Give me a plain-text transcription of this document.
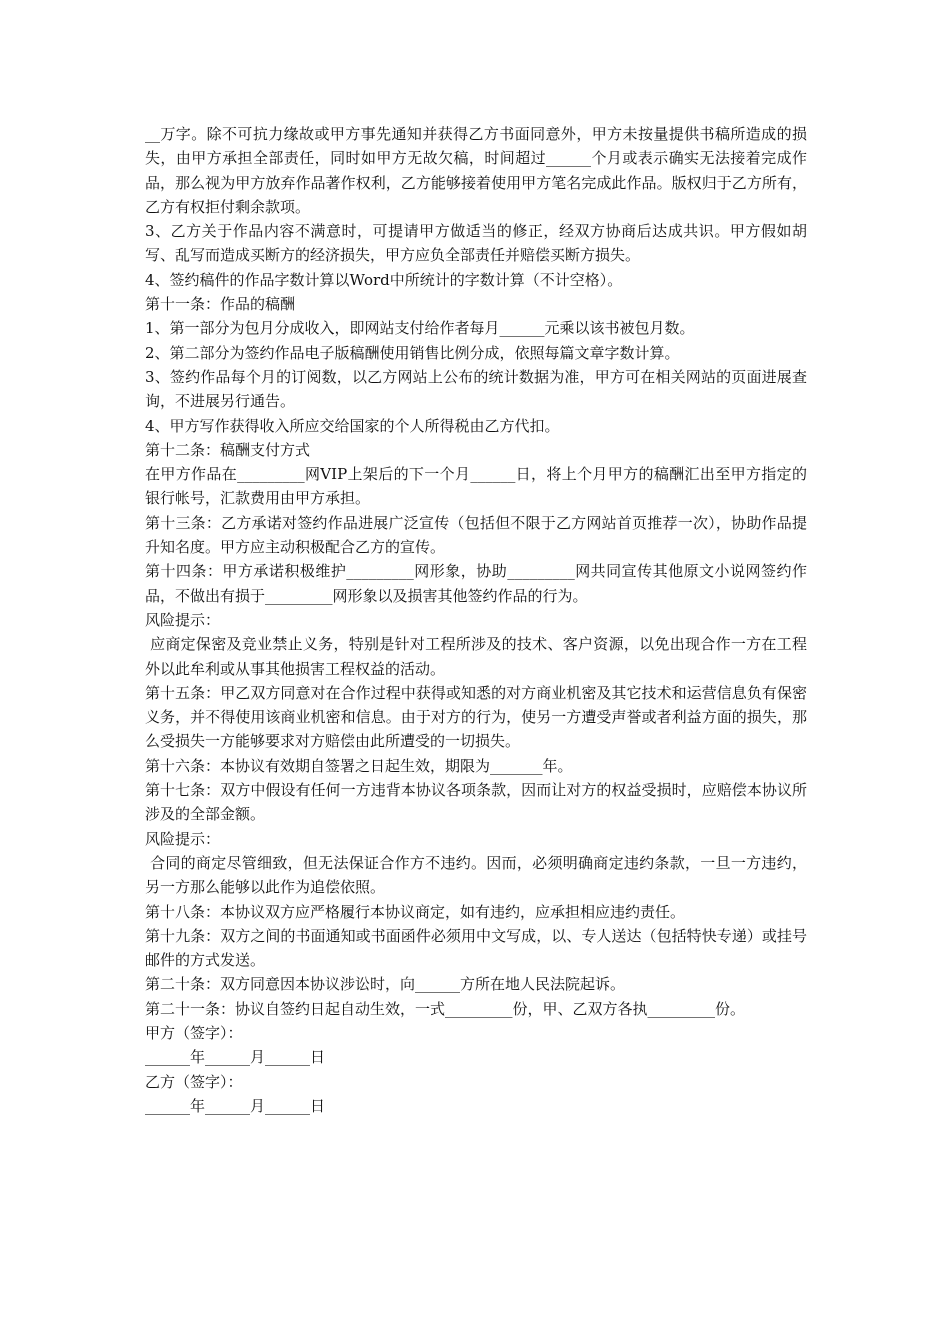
__万字。除不可抗力缘故或甲方事先通知并获得乙方书面同意外，甲方未按量提供书稿所造成的损失，由甲方承担全部责任，同时如甲方无故欠稿，时间超过______个月或表示确实无法接着完成作品，那么视为甲方放弃作品著作权利，乙方能够接着使用甲方笔名完成此作品。版权归于乙方所有，乙方有权拒付剩余款项。

3、乙方关于作品内容不满意时，可提请甲方做适当的修正，经双方协商后达成共识。甲方假如胡写、乱写而造成买断方的经济损失，甲方应负全部责任并赔偿买断方损失。

4、签约稿件的作品字数计算以Word中所统计的字数计算（不计空格）。

第十一条：作品的稿酬

1、第一部分为包月分成收入，即网站支付给作者每月______元乘以该书被包月数。

2、第二部分为签约作品电子版稿酬使用销售比例分成，依照每篇文章字数计算。

3、签约作品每个月的订阅数，以乙方网站上公布的统计数据为准，甲方可在相关网站的页面进展查询，不进展另行通告。

4、甲方写作获得收入所应交给国家的个人所得税由乙方代扣。

第十二条：稿酬支付方式

在甲方作品在_________网VIP上架后的下一个月______日，将上个月甲方的稿酬汇出至甲方指定的银行帐号，汇款费用由甲方承担。

第十三条：乙方承诺对签约作品进展广泛宣传（包括但不限于乙方网站首页推荐一次），协助作品提升知名度。甲方应主动积极配合乙方的宣传。

第十四条：甲方承诺积极维护_________网形象，协助_________网共同宣传其他原文小说网签约作品，不做出有损于_________网形象以及损害其他签约作品的行为。

风险提示：

应商定保密及竞业禁止义务，特别是针对工程所涉及的技术、客户资源，以免出现合作一方在工程外以此牟利或从事其他损害工程权益的活动。

第十五条：甲乙双方同意对在合作过程中获得或知悉的对方商业机密及其它技术和运营信息负有保密义务，并不得使用该商业机密和信息。由于对方的行为，使另一方遭受声誉或者利益方面的损失，那么受损失一方能够要求对方赔偿由此所遭受的一切损失。

第十六条：本协议有效期自签署之日起生效，期限为_______年。

第十七条：双方中假设有任何一方违背本协议各项条款，因而让对方的权益受损时，应赔偿本协议所涉及的全部金额。

风险提示：

合同的商定尽管细致，但无法保证合作方不违约。因而，必须明确商定违约条款，一旦一方违约，另一方那么能够以此作为追偿依照。

第十八条：本协议双方应严格履行本协议商定，如有违约，应承担相应违约责任。

第十九条：双方之间的书面通知或书面函件必须用中文写成，以、专人送达（包括特快专递）或挂号邮件的方式发送。

第二十条：双方同意因本协议涉讼时，向______方所在地人民法院起诉。

第二十一条：协议自签约日起自动生效，一式_________份，甲、乙双方各执_________份。

甲方（签字）：

______年______月______日

乙方（签字）：

______年______月______日
